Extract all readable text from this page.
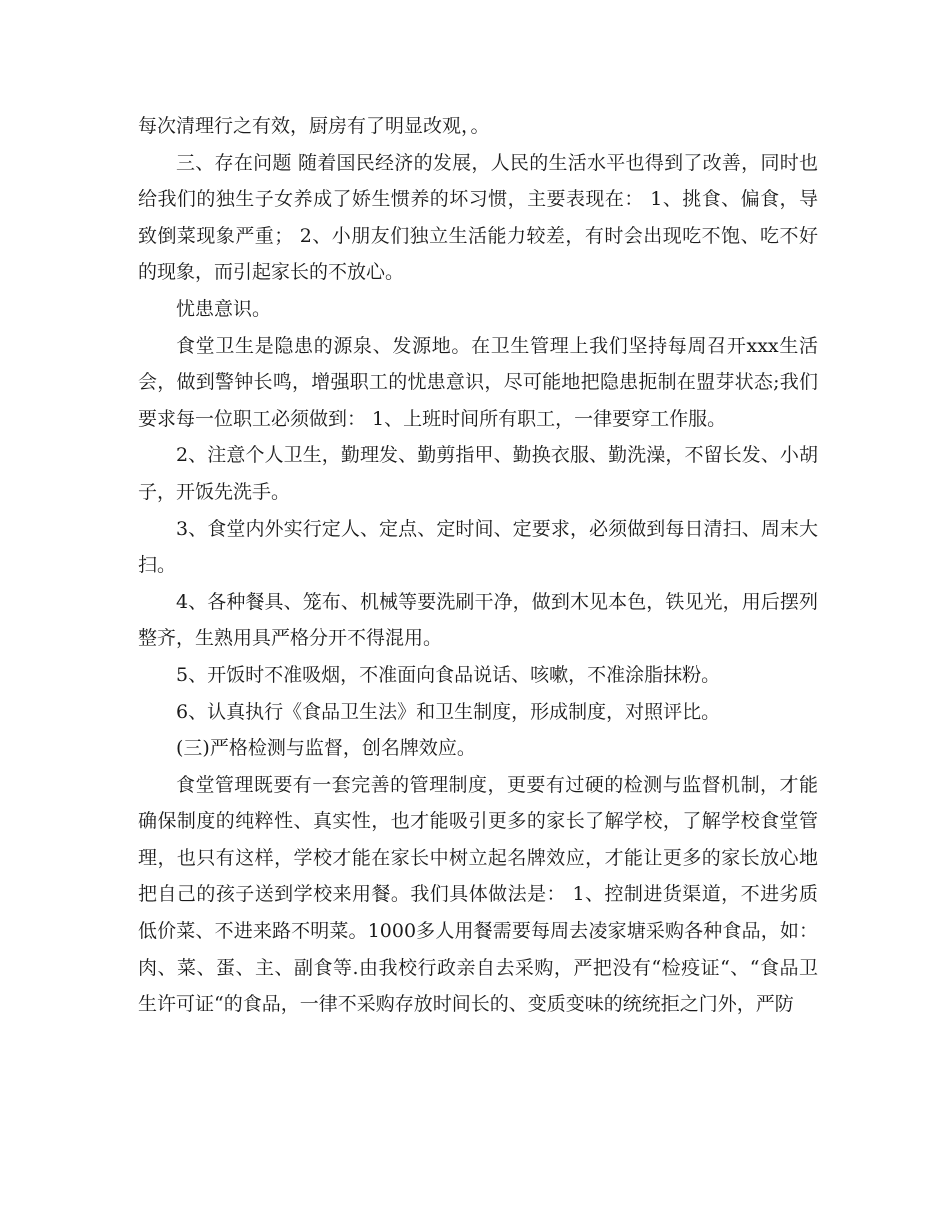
每次清理行之有效，厨房有了明显改观，。

三、存在问题 随着国民经济的发展，人民的生活水平也得到了改善，同时也给我们的独生子女养成了娇生惯养的坏习惯，主要表现在： 1、挑食、偏食，导致倒菜现象严重； 2、小朋友们独立生活能力较差，有时会出现吃不饱、吃不好的现象，而引起家长的不放心。

忧患意识。

食堂卫生是隐患的源泉、发源地。在卫生管理上我们坚持每周召开xxx生活会，做到警钟长鸣，增强职工的忧患意识，尽可能地把隐患扼制在盟芽状态;我们要求每一位职工必须做到： 1、上班时间所有职工，一律要穿工作服。

2、注意个人卫生，勤理发、勤剪指甲、勤换衣服、勤洗澡，不留长发、小胡子，开饭先洗手。

3、食堂内外实行定人、定点、定时间、定要求，必须做到每日清扫、周末大扫。

4、各种餐具、笼布、机械等要洗刷干净，做到木见本色，铁见光，用后摆列整齐，生熟用具严格分开不得混用。

5、开饭时不准吸烟，不准面向食品说话、咳嗽，不准涂脂抹粉。

6、认真执行《食品卫生法》和卫生制度，形成制度，对照评比。

(三)严格检测与监督，创名牌效应。

食堂管理既要有一套完善的管理制度，更要有过硬的检测与监督机制，才能确保制度的纯粹性、真实性，也才能吸引更多的家长了解学校，了解学校食堂管理，也只有这样，学校才能在家长中树立起名牌效应，才能让更多的家长放心地把自己的孩子送到学校来用餐。我们具体做法是： 1、控制进货渠道，不进劣质低价菜、不进来路不明菜。1000多人用餐需要每周去凌家塘采购各种食品，如：肉、菜、蛋、主、副食等.由我校行政亲自去采购，严把没有“检疫证“、“食品卫生许可证“的食品，一律不采购存放时间长的、变质变味的统统拒之门外，严防
